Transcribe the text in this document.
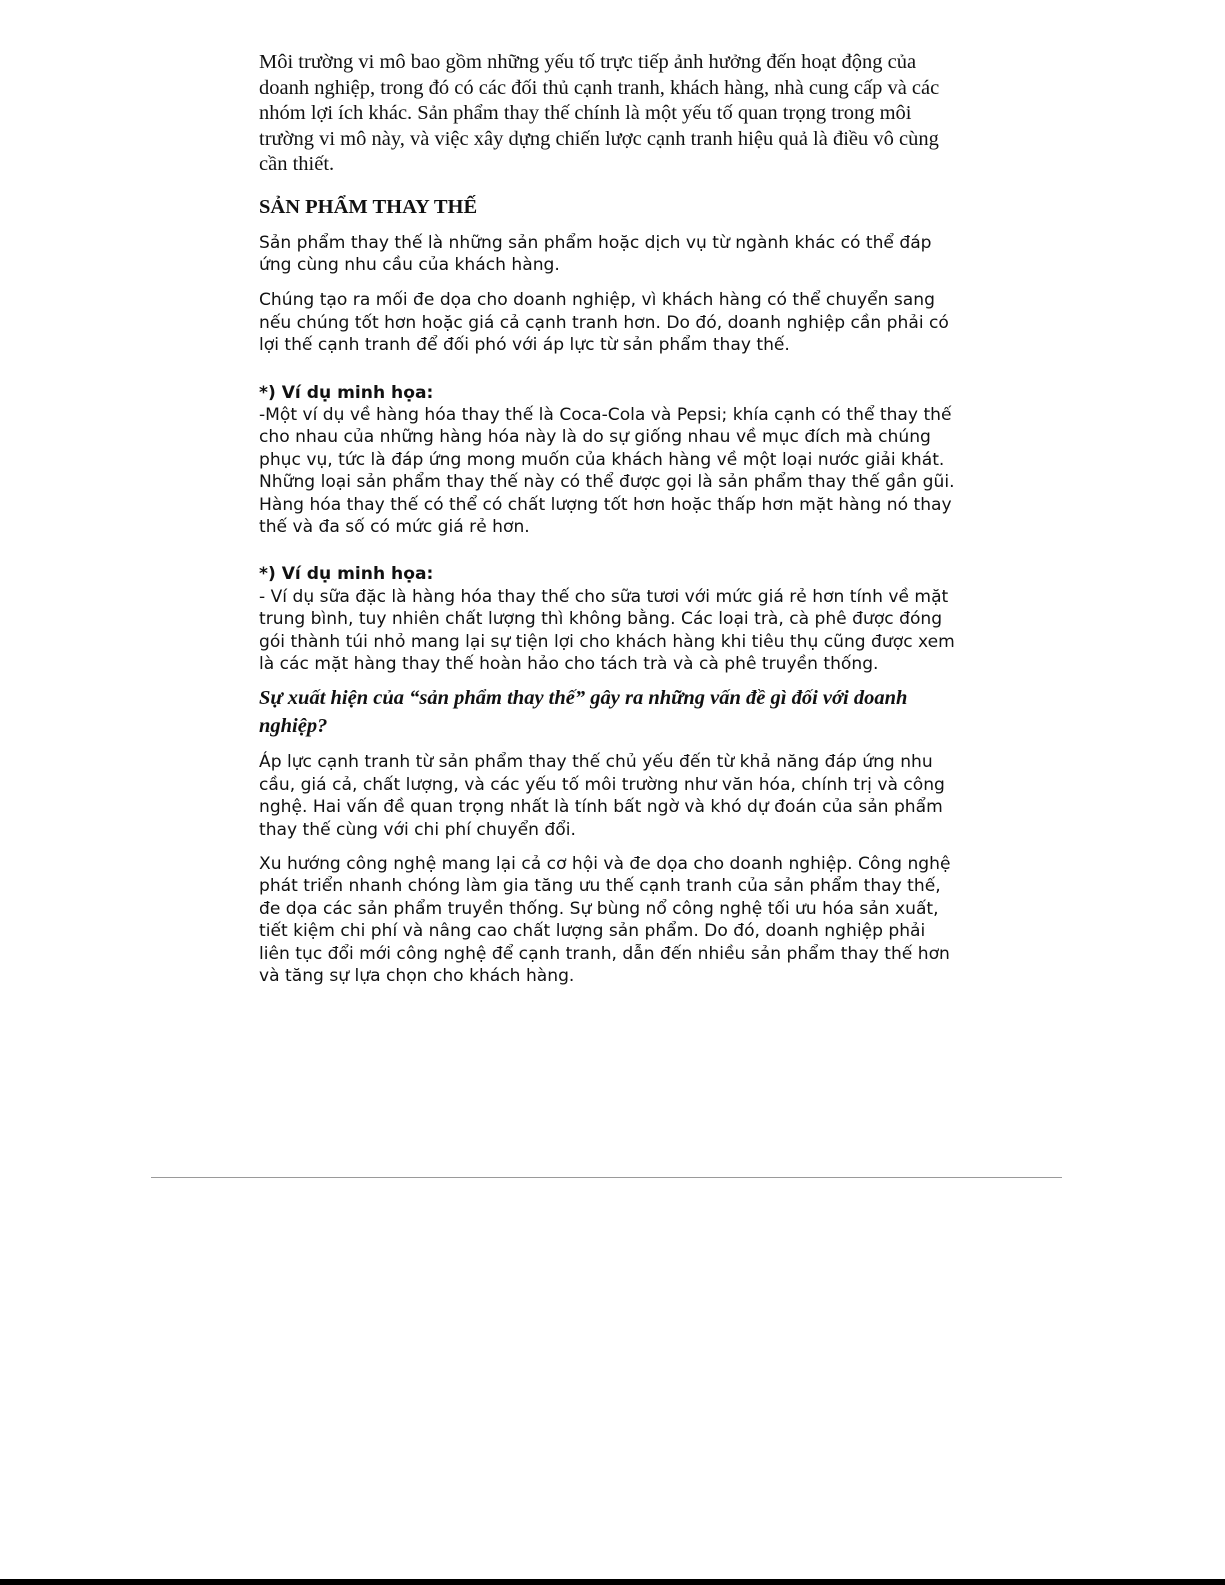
Môi trường vi mô bao gồm những yếu tố trực tiếp ảnh hưởng đến hoạt động của doanh nghiệp, trong đó có các đối thủ cạnh tranh, khách hàng, nhà cung cấp và các nhóm lợi ích khác. Sản phẩm thay thế chính là một yếu tố quan trọng trong môi trường vi mô này, và việc xây dựng chiến lược cạnh tranh hiệu quả là điều vô cùng cần thiết.

SẢN PHẨM THAY THẾ

Sản phẩm thay thế là những sản phẩm hoặc dịch vụ từ ngành khác có thể đáp ứng cùng nhu cầu của khách hàng.

Chúng tạo ra mối đe dọa cho doanh nghiệp, vì khách hàng có thể chuyển sang nếu chúng tốt hơn hoặc giá cả cạnh tranh hơn. Do đó, doanh nghiệp cần phải có lợi thế cạnh tranh để đối phó với áp lực từ sản phẩm thay thế.

*) Ví dụ minh họa:

-Một ví dụ về hàng hóa thay thế là Coca-Cola và Pepsi; khía cạnh có thể thay thế cho nhau của những hàng hóa này là do sự giống nhau về mục đích mà chúng phục vụ, tức là đáp ứng mong muốn của khách hàng về một loại nước giải khát. Những loại sản phẩm thay thế này có thể được gọi là sản phẩm thay thế gần gũi. Hàng hóa thay thế có thể có chất lượng tốt hơn hoặc thấp hơn mặt hàng nó thay thế và đa số có mức giá rẻ hơn.

*) Ví dụ minh họa:

- Ví dụ sữa đặc là hàng hóa thay thế cho sữa tươi với mức giá rẻ hơn tính về mặt trung bình, tuy nhiên chất lượng thì không bằng. Các loại trà, cà phê được đóng gói thành túi nhỏ mang lại sự tiện lợi cho khách hàng khi tiêu thụ cũng được xem là các mặt hàng thay thế hoàn hảo cho tách trà và cà phê truyền thống.

Sự xuất hiện của “sản phẩm thay thế” gây ra những vấn đề gì đối với doanh nghiệp?

Áp lực cạnh tranh từ sản phẩm thay thế chủ yếu đến từ khả năng đáp ứng nhu cầu, giá cả, chất lượng, và các yếu tố môi trường như văn hóa, chính trị và công nghệ. Hai vấn đề quan trọng nhất là tính bất ngờ và khó dự đoán của sản phẩm thay thế cùng với chi phí chuyển đổi.

Xu hướng công nghệ mang lại cả cơ hội và đe dọa cho doanh nghiệp. Công nghệ phát triển nhanh chóng làm gia tăng ưu thế cạnh tranh của sản phẩm thay thế, đe dọa các sản phẩm truyền thống. Sự bùng nổ công nghệ tối ưu hóa sản xuất, tiết kiệm chi phí và nâng cao chất lượng sản phẩm. Do đó, doanh nghiệp phải liên tục đổi mới công nghệ để cạnh tranh, dẫn đến nhiều sản phẩm thay thế hơn và tăng sự lựa chọn cho khách hàng.
